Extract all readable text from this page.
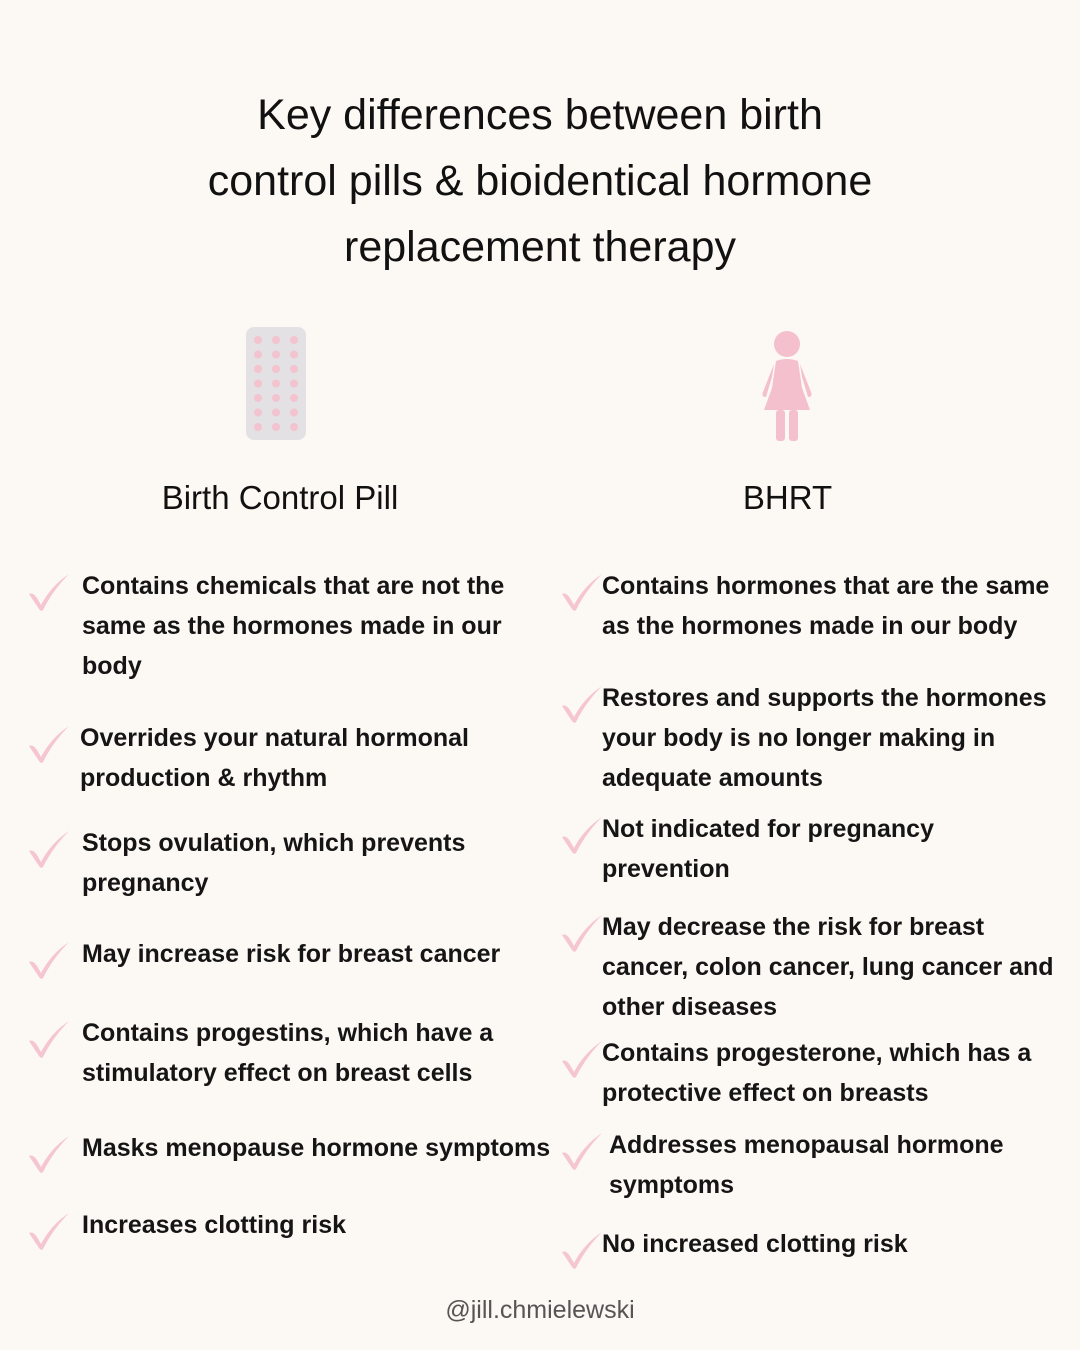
Key differences between birth
control pills & bioidentical hormone
replacement therapy
Birth Control Pill	BHRT
Contains chemicals that are not the
same as the hormones made in our
body
Overrides your natural hormonal
production & rhythm
Stops ovulation, which prevents
pregnancy
May increase risk for breast cancer
Contains progestins, which have a
stimulatory effect on breast cells
Masks menopause hormone symptoms
Increases clotting risk
Contains hormones that are the same
as the hormones made in our body
Restores and supports the hormones
your body is no longer making in
adequate amounts
Not indicated for pregnancy
prevention
May decrease the risk for breast
cancer, colon cancer, lung cancer and
other diseases
Contains progesterone, which has a
protective effect on breasts
Addresses menopausal hormone
symptoms
No increased clotting risk
@jill.chmielewski
